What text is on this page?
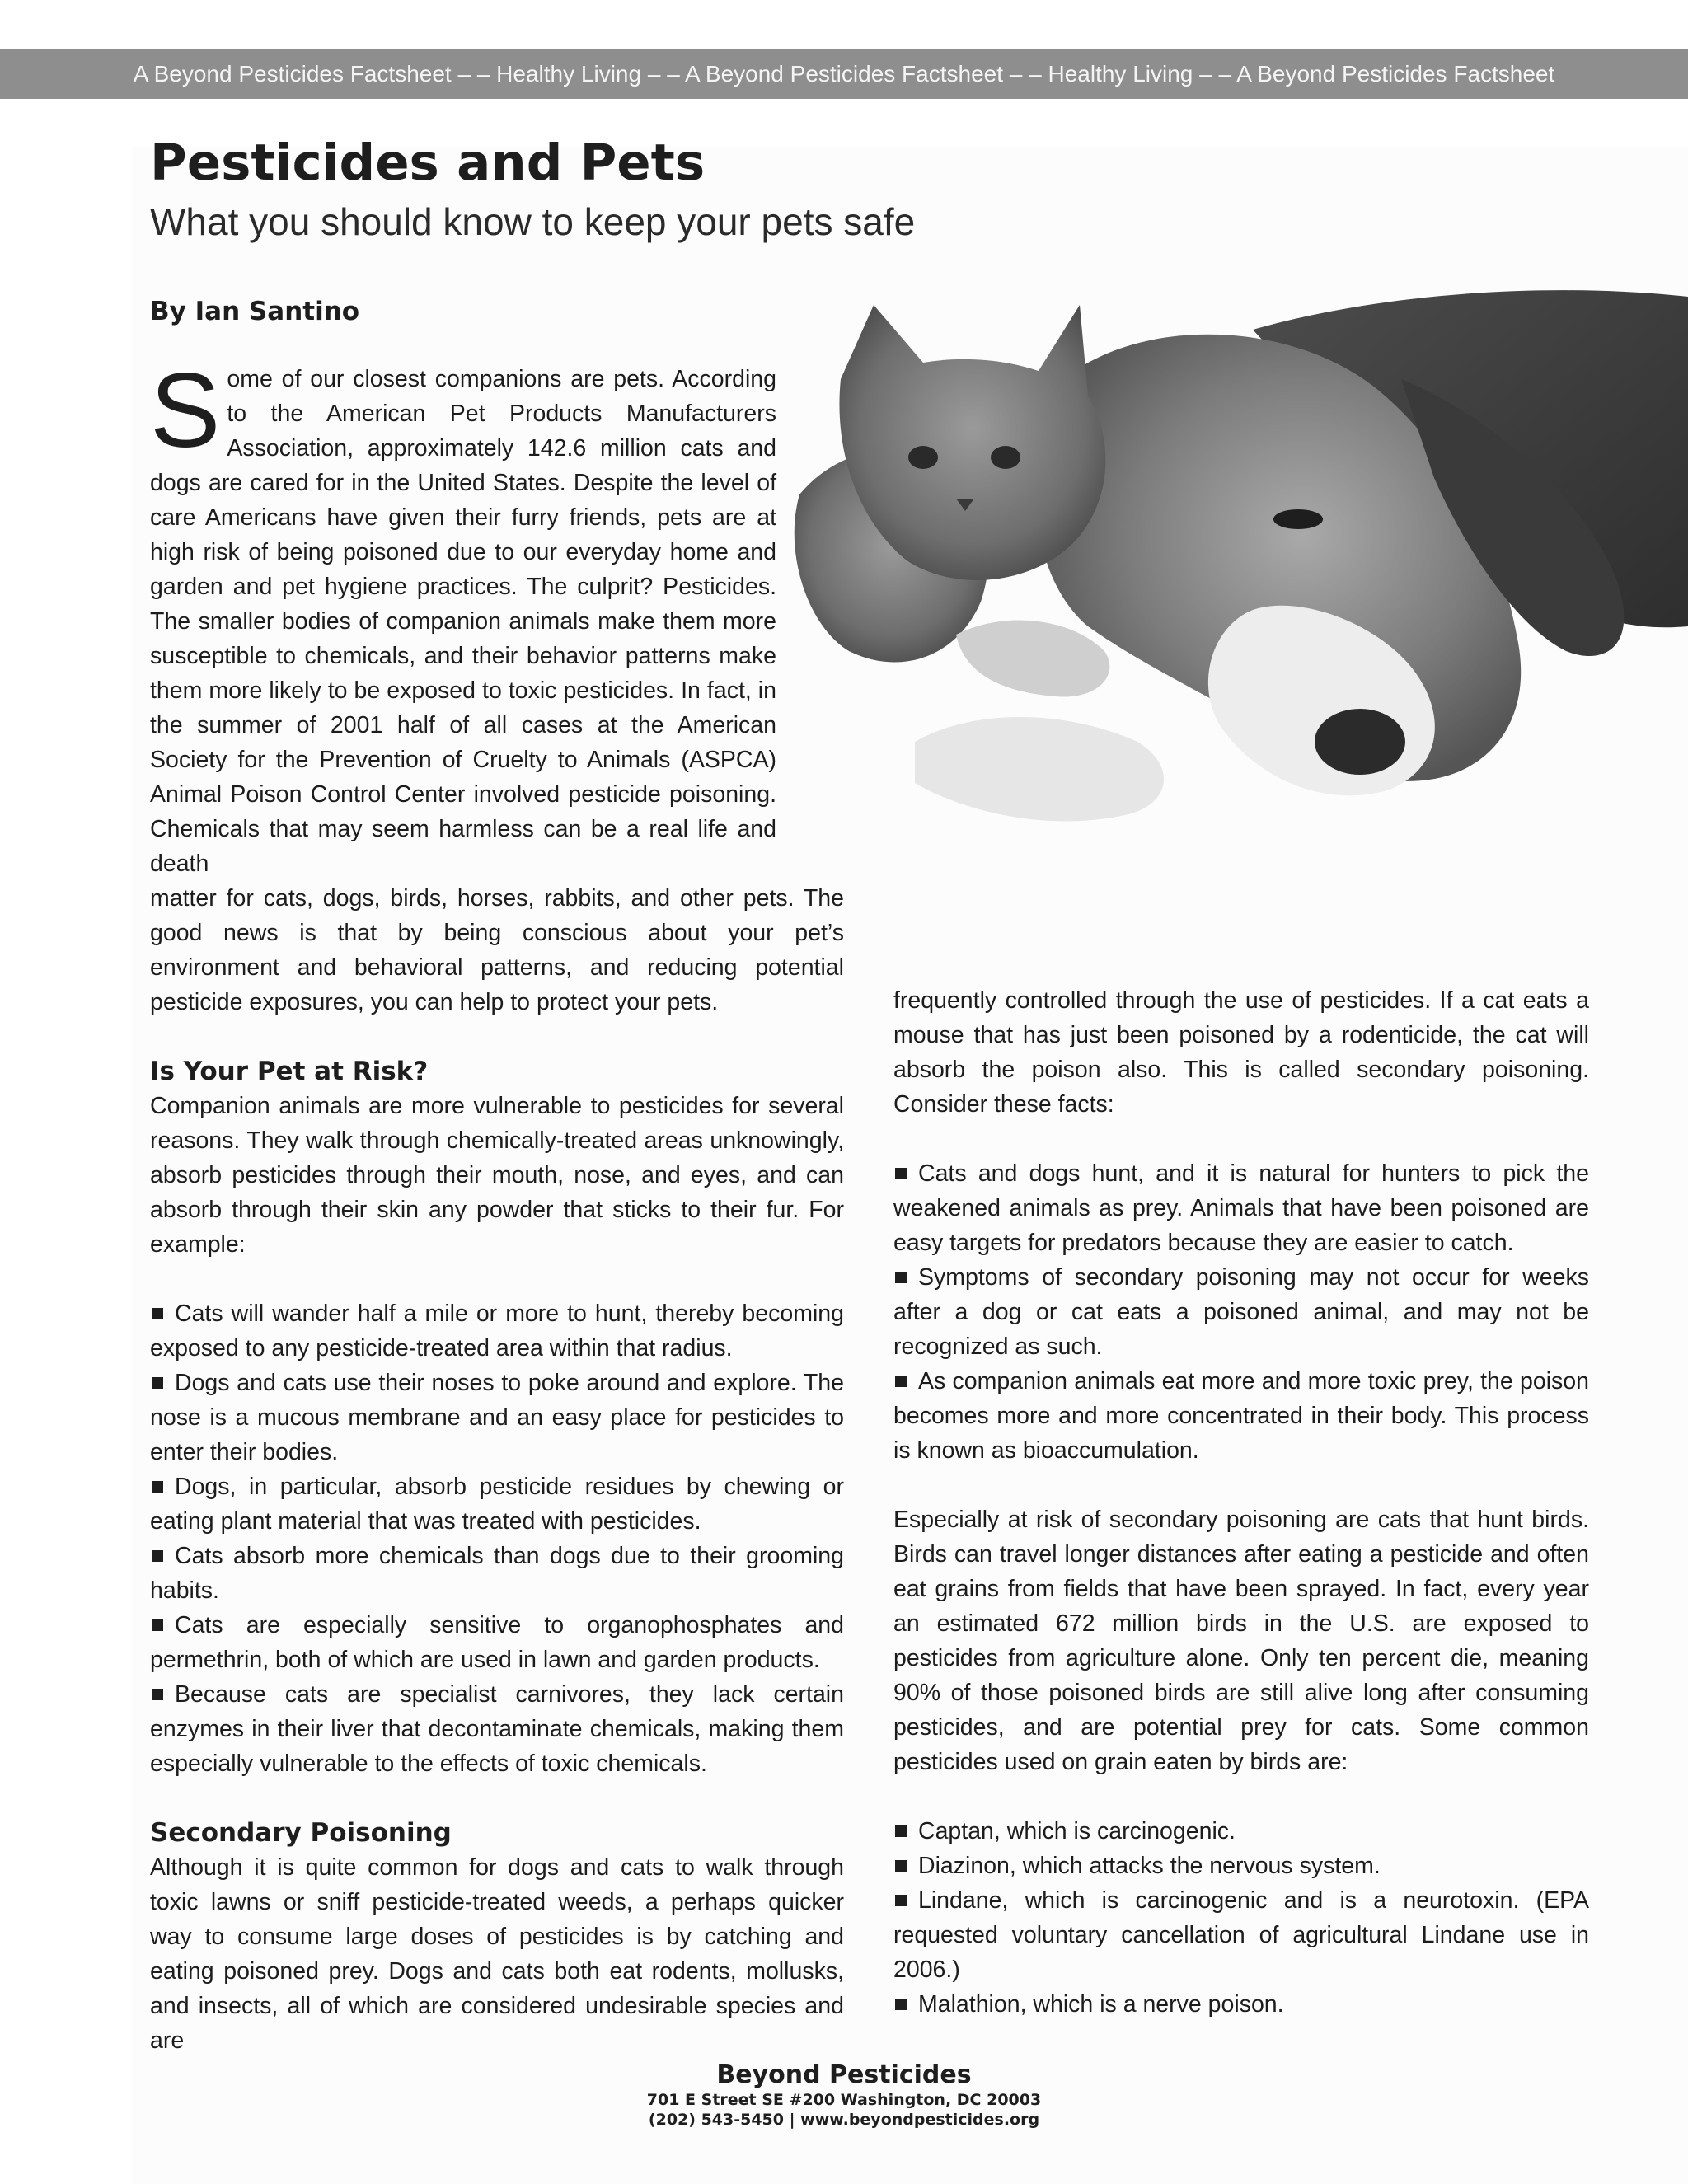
A Beyond Pesticides Factsheet – – Healthy Living – – A Beyond Pesticides Factsheet – – Healthy Living – – A Beyond Pesticides Factsheet
Pesticides and Pets
What you should know to keep your pets safe
By Ian Santino
Some of our closest companions are pets. According to the American Pet Products Manufacturers Association, approximately 142.6 million cats and dogs are cared for in the United States. Despite the level of care Americans have given their furry friends, pets are at high risk of being poisoned due to our everyday home and garden and pet hygiene practices. The culprit? Pesticides. The smaller bodies of companion animals make them more susceptible to chemicals, and their behavior patterns make them more likely to be exposed to toxic pesticides. In fact, in the summer of 2001 half of all cases at the American Society for the Prevention of Cruelty to Animals (ASPCA) Animal Poison Control Center involved pesticide poisoning. Chemicals that may seem harmless can be a real life and death

matter for cats, dogs, birds, horses, rabbits, and other pets. The good news is that by being conscious about your pet’s environment and behavioral patterns, and reducing potential pesticide exposures, you can help to protect your pets.

Is Your Pet at Risk?

Companion animals are more vulnerable to pesticides for several reasons. They walk through chemically-treated areas unknowingly, absorb pesticides through their mouth, nose, and eyes, and can absorb through their skin any powder that sticks to their fur. For example:

Cats will wander half a mile or more to hunt, thereby becoming exposed to any pesticide-treated area within that radius.

Dogs and cats use their noses to poke around and explore. The nose is a mucous membrane and an easy place for pesticides to enter their bodies.

Dogs, in particular, absorb pesticide residues by chewing or eating plant material that was treated with pesticides.

Cats absorb more chemicals than dogs due to their grooming habits.

Cats are especially sensitive to organophosphates and permethrin, both of which are used in lawn and garden products.

Because cats are specialist carnivores, they lack certain enzymes in their liver that decontaminate chemicals, making them especially vulnerable to the effects of toxic chemicals.

Secondary Poisoning

Although it is quite common for dogs and cats to walk through toxic lawns or sniff pesticide-treated weeds, a perhaps quicker way to consume large doses of pesticides is by catching and eating poisoned prey. Dogs and cats both eat rodents, mollusks, and insects, all of which are considered undesirable species and are

frequently controlled through the use of pesticides. If a cat eats a mouse that has just been poisoned by a rodenticide, the cat will absorb the poison also. This is called secondary poisoning. Consider these facts:

Cats and dogs hunt, and it is natural for hunters to pick the weakened animals as prey. Animals that have been poisoned are easy targets for predators because they are easier to catch.

Symptoms of secondary poisoning may not occur for weeks after a dog or cat eats a poisoned animal, and may not be recognized as such.

As companion animals eat more and more toxic prey, the poison becomes more and more concentrated in their body. This process is known as bioaccumulation.

Especially at risk of secondary poisoning are cats that hunt birds. Birds can travel longer distances after eating a pesticide and often eat grains from fields that have been sprayed. In fact, every year an estimated 672 million birds in the U.S. are exposed to pesticides from agriculture alone. Only ten percent die, meaning 90% of those poisoned birds are still alive long after consuming pesticides, and are potential prey for cats. Some common pesticides used on grain eaten by birds are:

Captan, which is carcinogenic.

Diazinon, which attacks the nervous system.

Lindane, which is carcinogenic and is a neurotoxin. (EPA requested voluntary cancellation of agricultural Lindane use in 2006.)

Malathion, which is a nerve poison.

Beyond Pesticides
701 E Street SE #200 Washington, DC 20003
(202) 543-5450 | www.beyondpesticides.org
